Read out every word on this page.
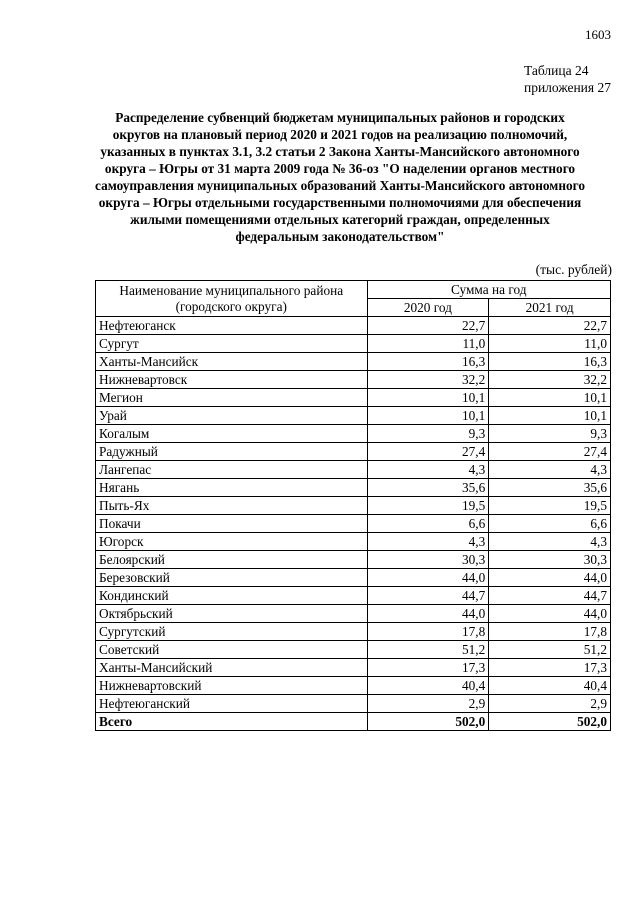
1603
Таблица 24
приложения 27
Распределение субвенций бюджетам муниципальных районов и городских округов на плановый период 2020 и 2021 годов на реализацию полномочий, указанных в пунктах 3.1, 3.2 статьи 2 Закона Ханты-Мансийского автономного округа – Югры от 31 марта 2009 года № 36-оз "О наделении органов местного самоуправления муниципальных образований Ханты-Мансийского автономного округа – Югры отдельными государственными полномочиями для обеспечения жилыми помещениями отдельных категорий граждан, определенных федеральным законодательством"
(тыс. рублей)
Наименование муниципального района (городского округа)	Сумма на год	
	2020 год	2021 год
Нефтеюганск	22,7	22,7
Сургут	11,0	11,0
Ханты-Мансийск	16,3	16,3
Нижневартовск	32,2	32,2
Мегион	10,1	10,1
Урай	10,1	10,1
Когалым	9,3	9,3
Радужный	27,4	27,4
Лангепас	4,3	4,3
Нягань	35,6	35,6
Пыть-Ях	19,5	19,5
Покачи	6,6	6,6
Югорск	4,3	4,3
Белоярский	30,3	30,3
Березовский	44,0	44,0
Кондинский	44,7	44,7
Октябрьский	44,0	44,0
Сургутский	17,8	17,8
Советский	51,2	51,2
Ханты-Мансийский	17,3	17,3
Нижневартовский	40,4	40,4
Нефтеюганский	2,9	2,9
Всего	502,0	502,0
